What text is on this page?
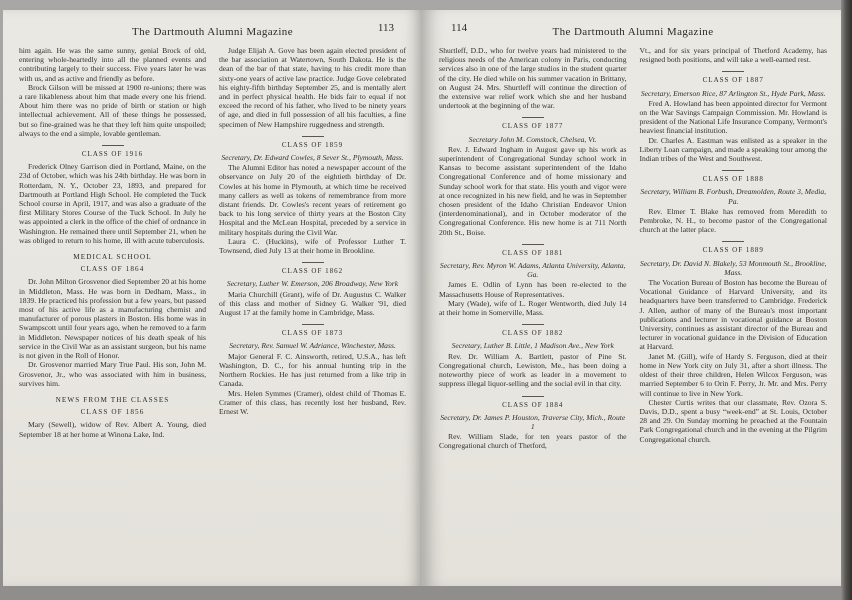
The Dartmouth Alumni Magazine	113
him again. He was the same sunny, genial Brock of old, entering whole-heartedly into all the planned events and contributing largely to their success. Five years later he was with us, and as active and friendly as before.
Brock Gilson will be missed at 1900 re-unions; there was a rare likableness about him that made every one his friend. About him there was no pride of birth or station or high intellectual achievement. All of these things he possessed, but so fine-grained was he that they left him quite unspoiled; always to the end a simple, lovable gentleman.
CLASS OF 1916
Frederick Olney Garrison died in Portland, Maine, on the 23d of October, which was his 24th birthday. He was born in Rotterdam, N. Y., October 23, 1893, and prepared for Dartmouth at Portland High School. He completed the Tuck School course in April, 1917, and was also a graduate of the first Military Stores Course of the Tuck School. In July he was appointed a clerk in the office of the chief of ordnance in Washington. He remained there until September 21, when he was obliged to return to his home, ill with acute tuberculosis.
MEDICAL SCHOOL
CLASS OF 1864
Dr. John Milton Grosvenor died September 20 at his home in Middleton, Mass. He was born in Dedham, Mass., in 1839. He practiced his profession but a few years, but passed most of his active life as a manufacturing chemist and manufacturer of porous plasters in Boston. His home was in Swampscott until four years ago, when he removed to a farm in Middleton. Newspaper notices of his death speak of his service in the Civil War as an assistant surgeon, but his name is not given in the Roll of Honor.
Dr. Grosvenor married Mary True Paul. His son, John M. Grosvenor, Jr., who was associated with him in business, survives him.
NEWS FROM THE CLASSES
CLASS OF 1856
Mary (Sewell), widow of Rev. Albert A. Young, died September 18 at her home at Winona Lake, Ind.
Judge Elijah A. Gove has been again elected president of the bar association at Watertown, South Dakota. He is the dean of the bar of that state, having to his credit more than sixty-one years of active law practice. Judge Gove celebrated his eighty-fifth birthday September 25, and is mentally alert and in perfect physical health. He bids fair to equal if not exceed the record of his father, who lived to be ninety years of age, and died in full possession of all his faculties, a fine specimen of New Hampshire ruggedness and strength.
CLASS OF 1859
Secretary, Dr. Edward Cowles, 8 Sever St., Plymouth, Mass.
The Alumni Editor has noted a newspaper account of the observance on July 20 of the eightieth birthday of Dr. Cowles at his home in Plymouth, at which time he received many callers as well as tokens of remembrance from more distant friends. Dr. Cowles's recent years of retirement go back to his long service of thirty years at the Boston City Hospital and the McLean Hospital, preceded by a service in military hospitals during the Civil War.
Laura C. (Huckins), wife of Professor Luther T. Townsend, died July 13 at their home in Brookline.
CLASS OF 1862
Secretary, Luther W. Emerson, 206 Broadway, New York
Maria Churchill (Grant), wife of Dr. Augustus C. Walker of this class and mother of Sidney G. Walker '91, died August 17 at the family home in Cambridge, Mass.
CLASS OF 1873
Secretary, Rev. Samuel W. Adriance, Winchester, Mass.
Major General F. C. Ainsworth, retired, U.S.A., has left Washington, D. C., for his annual hunting trip in the Northern Rockies. He has just returned from a like trip in Canada.
Mrs. Helen Symmes (Cramer), oldest child of Thomas E. Cramer of this class, has recently lost her husband, Rev. Ernest W.
114	The Dartmouth Alumni Magazine
Shurtleff, D.D., who for twelve years had ministered to the religious needs of the American colony in Paris, conducting services also in one of the large studios in the student quarter of the city. He died while on his summer vacation in Brittany, on August 24. Mrs. Shurtleff will continue the direction of the extensive war relief work which she and her husband undertook at the beginning of the war.
CLASS OF 1877
Secretary John M. Comstock, Chelsea, Vt.
Rev. J. Edward Ingham in August gave up his work as superintendent of Congregational Sunday school work in Kansas to become assistant superintendent of the Idaho Congregational Conference and of home missionary and Sunday school work for that state. His youth and vigor were at once recognized in his new field, and he was in September chosen president of the Idaho Christian Endeavor Union (interdenominational), and in October moderator of the Congregational Conference. His new home is at 711 North 20th St., Boise.
CLASS OF 1881
Secretary, Rev. Myron W. Adams, Atlanta University, Atlanta, Ga.
James E. Odlin of Lynn has been re-elected to the Massachusetts House of Representatives.
Mary (Wade), wife of L. Roger Wentworth, died July 14 at their home in Somerville, Mass.
CLASS OF 1882
Secretary, Luther B. Little, 1 Madison Ave., New York
Rev. Dr. William A. Bartlett, pastor of Pine St. Congregational church, Lewiston, Me., has been doing a noteworthy piece of work as leader in a movement to suppress illegal liquor-selling and the social evil in that city.
CLASS OF 1884
Secretary, Dr. James P. Houston, Traverse City, Mich., Route 1
Rev. William Slade, for ten years pastor of the Congregational church of Thetford,
Vt., and for six years principal of Thetford Academy, has resigned both positions, and will take a well-earned rest.
CLASS OF 1887
Secretary, Emerson Rice, 87 Arlington St., Hyde Park, Mass.
Fred A. Howland has been appointed director for Vermont on the War Savings Campaign Commission. Mr. Howland is president of the National Life Insurance Company, Vermont's heaviest financial institution.
Dr. Charles A. Eastman was enlisted as a speaker in the Liberty Loan campaign, and made a speaking tour among the Indian tribes of the West and Southwest.
CLASS OF 1888
Secretary, William B. Forbush, Dreamolden, Route 3, Media, Pa.
Rev. Elmer T. Blake has removed from Meredith to Pembroke, N. H., to become pastor of the Congregational church at the latter place.
CLASS OF 1889
Secretary, Dr. David N. Blakely, 53 Monmouth St., Brookline, Mass.
The Vocation Bureau of Boston has become the Bureau of Vocational Guidance of Harvard University, and its headquarters have been transferred to Cambridge. Frederick J. Allen, author of many of the Bureau's most important publications and lecturer in vocational guidance at Boston University, continues as assistant director of the Bureau and lecturer in vocational guidance in the Division of Education at Harvard.
Janet M. (Gill), wife of Hardy S. Ferguson, died at their home in New York city on July 31, after a short illness. The oldest of their three children, Helen Wilcox Ferguson, was married September 6 to Orin F. Perry, Jr. Mr. and Mrs. Perry will continue to live in New York.
Chester Curtis writes that our classmate, Rev. Ozora S. Davis, D.D., spent a busy “week-end” at St. Louis, October 28 and 29. On Sunday morning he preached at the Fountain Park Congregational church and in the evening at the Pilgrim Congregational church.
